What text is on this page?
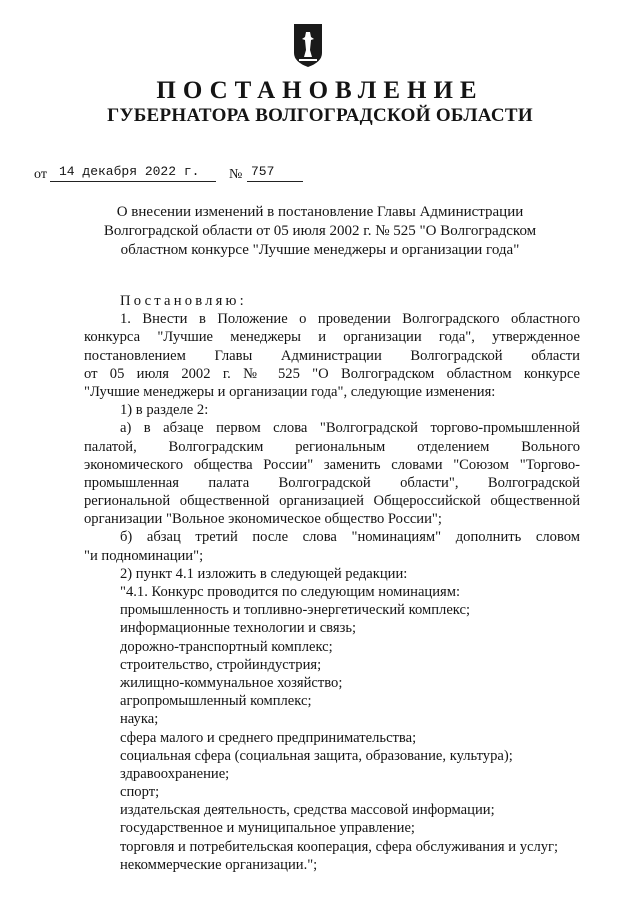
ПОСТАНОВЛЕНИЕ
ГУБЕРНАТОРА ВОЛГОГРАДСКОЙ ОБЛАСТИ
от 14 декабря 2022 г. № 757
О внесении изменений в постановление Главы Администрации
Волгоградской области от 05 июля 2002 г. № 525 "О Волгоградском
областном конкурсе "Лучшие менеджеры и организации года"
Постановляю:
1. Внести в Положение о проведении Волгоградского областного
конкурса "Лучшие менеджеры и организации года", утвержденное
постановлением Главы Администрации Волгоградской области
от 05 июля 2002 г. № 525 "О Волгоградском областном конкурсе
"Лучшие менеджеры и организации года", следующие изменения:
1) в разделе 2:
а) в абзаце первом слова "Волгоградской торгово-промышленной
палатой, Волгоградским региональным отделением Вольного
экономического общества России" заменить словами "Союзом "Торгово-
промышленная палата Волгоградской области", Волгоградской
региональной общественной организацией Общероссийской общественной
организации "Вольное экономическое общество России";
б) абзац третий после слова "номинациям" дополнить словом
"и подноминации";
2) пункт 4.1 изложить в следующей редакции:
"4.1. Конкурс проводится по следующим номинациям:
промышленность и топливно-энергетический комплекс;
информационные технологии и связь;
дорожно-транспортный комплекс;
строительство, стройиндустрия;
жилищно-коммунальное хозяйство;
агропромышленный комплекс;
наука;
сфера малого и среднего предпринимательства;
социальная сфера (социальная защита, образование, культура);
здравоохранение;
спорт;
издательская деятельность, средства массовой информации;
государственное и муниципальное управление;
торговля и потребительская кооперация, сфера обслуживания и услуг;
некоммерческие организации.";
